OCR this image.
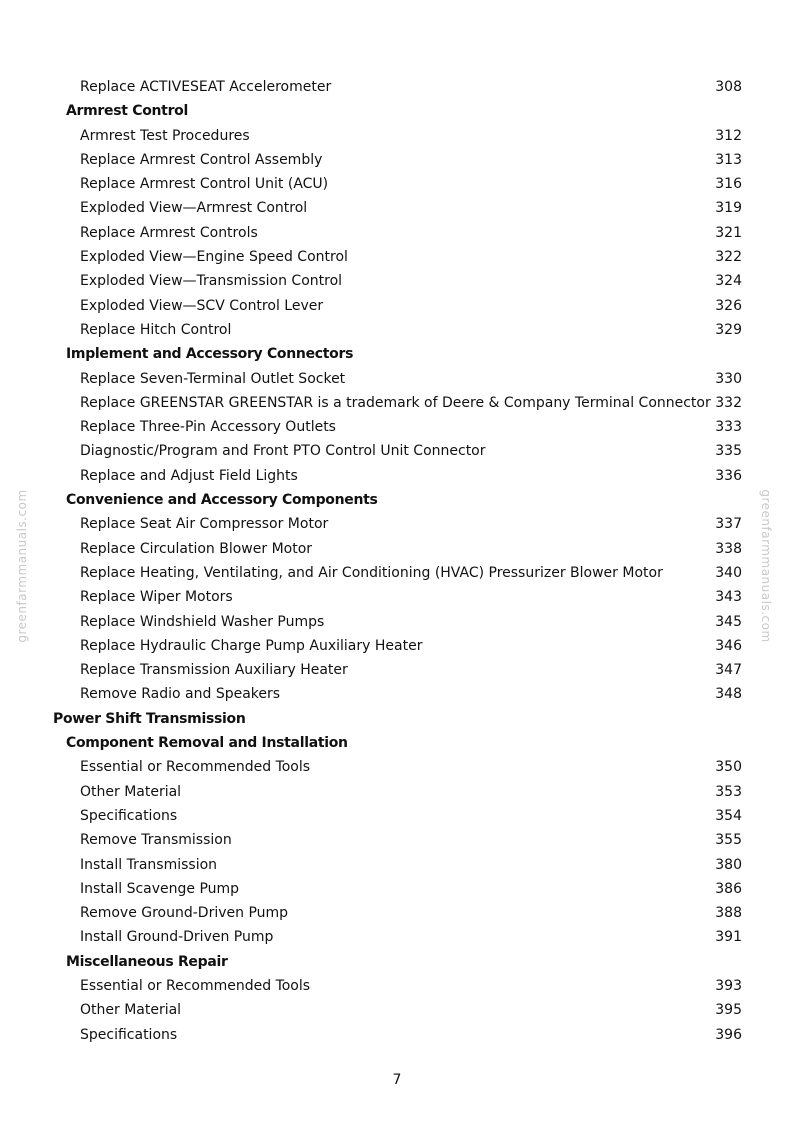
greenfarmmanuals.com	greenfarmmanuals.com
Replace ACTIVESEAT Accelerometer	308
Armrest Control
Armrest Test Procedures	312
Replace Armrest Control Assembly	313
Replace Armrest Control Unit (ACU)	316
Exploded View—Armrest Control	319
Replace Armrest Controls	321
Exploded View—Engine Speed Control	322
Exploded View—Transmission Control	324
Exploded View—SCV Control Lever	326
Replace Hitch Control	329
Implement and Accessory Connectors
Replace Seven-Terminal Outlet Socket	330
Replace GREENSTAR GREENSTAR is a trademark of Deere & Company Terminal Connector 332
Replace Three-Pin Accessory Outlets	333
Diagnostic/Program and Front PTO Control Unit Connector	335
Replace and Adjust Field Lights	336
Convenience and Accessory Components
Replace Seat Air Compressor Motor	337
Replace Circulation Blower Motor	338
Replace Heating, Ventilating, and Air Conditioning (HVAC) Pressurizer Blower Motor	340
Replace Wiper Motors	343
Replace Windshield Washer Pumps	345
Replace Hydraulic Charge Pump Auxiliary Heater	346
Replace Transmission Auxiliary Heater	347
Remove Radio and Speakers	348
Power Shift Transmission
Component Removal and Installation
Essential or Recommended Tools	350
Other Material	353
Specifications	354
Remove Transmission	355
Install Transmission	380
Install Scavenge Pump	386
Remove Ground-Driven Pump	388
Install Ground-Driven Pump	391
Miscellaneous Repair
Essential or Recommended Tools	393
Other Material	395
Specifications	396
7
